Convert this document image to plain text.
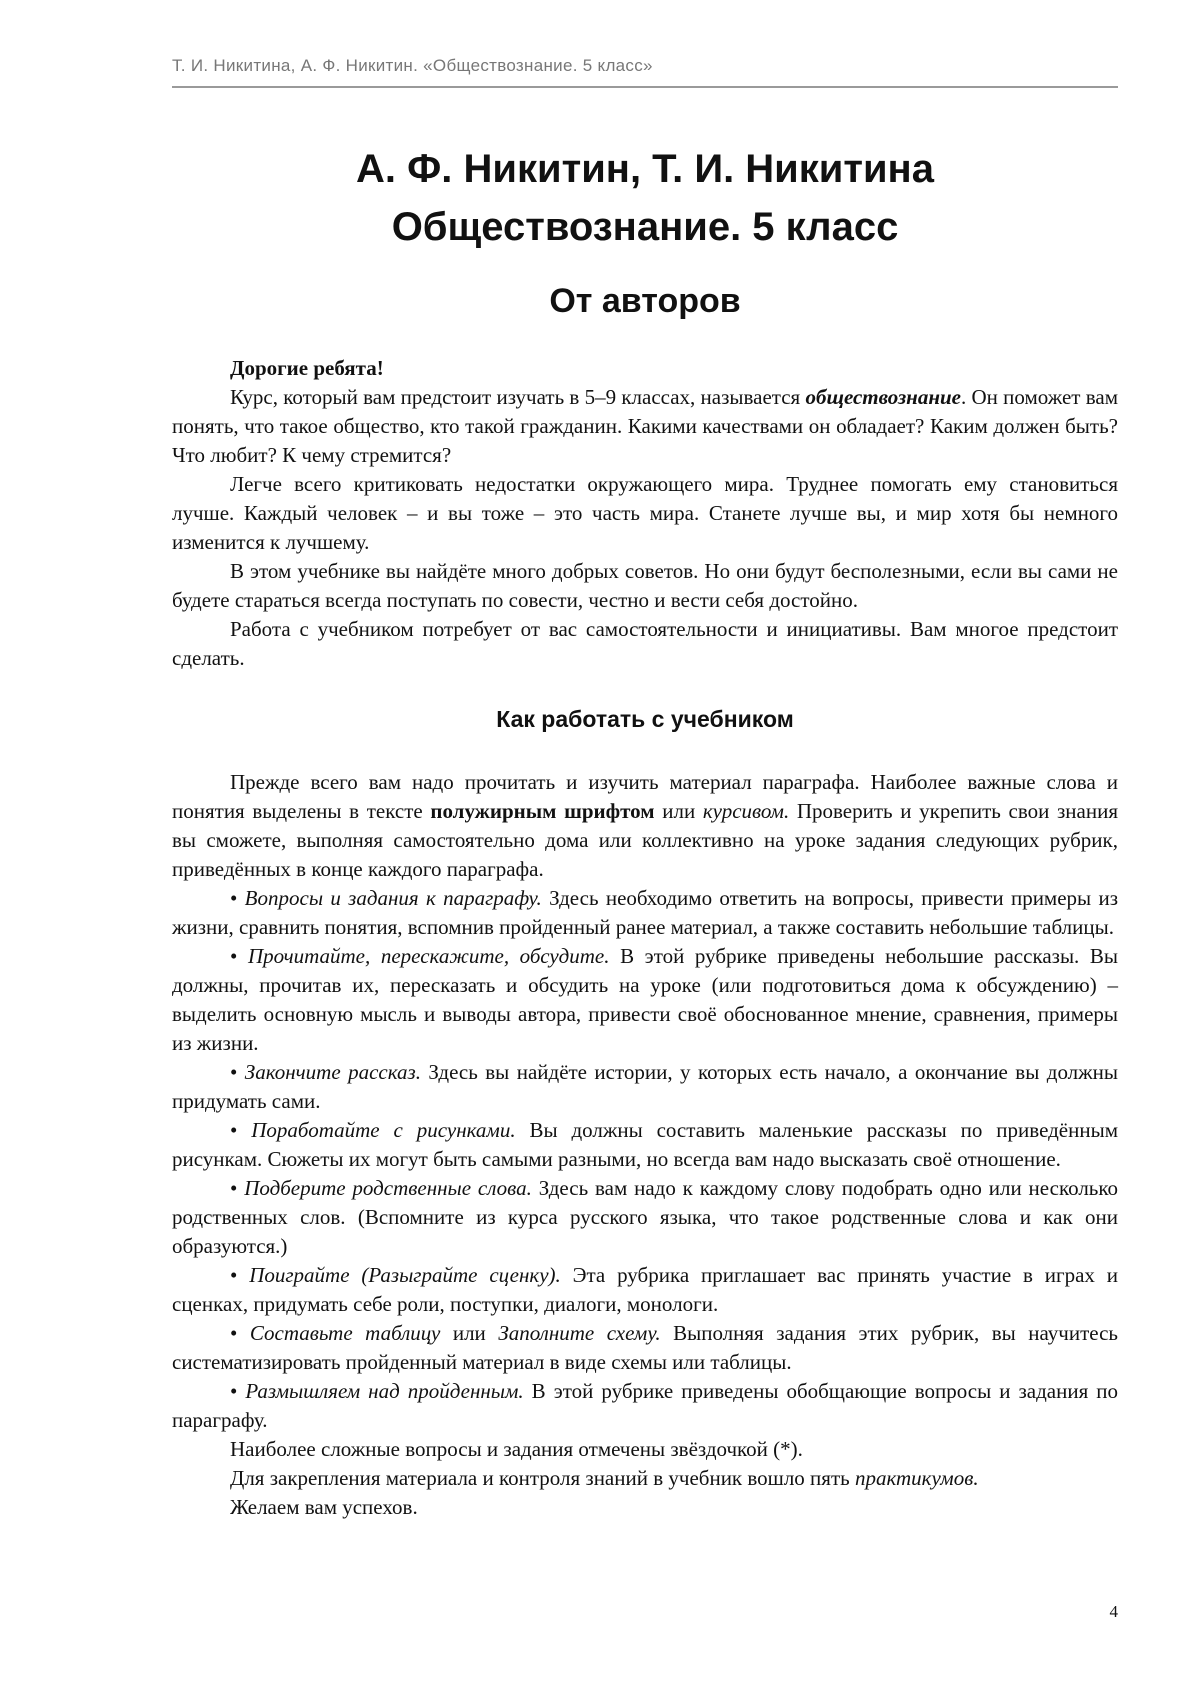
Т. И. Никитина, А. Ф. Никитин. «Обществознание. 5 класс»
А. Ф. Никитин, Т. И. Никитина
Обществознание. 5 класс
От авторов

Дорогие ребята!

Курс, который вам предстоит изучать в 5–9 классах, называется обществознание. Он поможет вам понять, что такое общество, кто такой гражданин. Какими качествами он обладает? Каким должен быть? Что любит? К чему стремится?

Легче всего критиковать недостатки окружающего мира. Труднее помогать ему становиться лучше. Каждый человек – и вы тоже – это часть мира. Станете лучше вы, и мир хотя бы немного изменится к лучшему.

В этом учебнике вы найдёте много добрых советов. Но они будут бесполезными, если вы сами не будете стараться всегда поступать по совести, честно и вести себя достойно.

Работа с учебником потребует от вас самостоятельности и инициативы. Вам многое предстоит сделать.

Как работать с учебником

Прежде всего вам надо прочитать и изучить материал параграфа. Наиболее важные слова и понятия выделены в тексте полужирным шрифтом или курсивом. Проверить и укрепить свои знания вы сможете, выполняя самостоятельно дома или коллективно на уроке задания следующих рубрик, приведённых в конце каждого параграфа.

• Вопросы и задания к параграфу. Здесь необходимо ответить на вопросы, привести примеры из жизни, сравнить понятия, вспомнив пройденный ранее материал, а также составить небольшие таблицы.

• Прочитайте, перескажите, обсудите. В этой рубрике приведены небольшие рассказы. Вы должны, прочитав их, пересказать и обсудить на уроке (или подготовиться дома к обсуждению) – выделить основную мысль и выводы автора, привести своё обоснованное мнение, сравнения, примеры из жизни.

• Закончите рассказ. Здесь вы найдёте истории, у которых есть начало, а окончание вы должны придумать сами.

• Поработайте с рисунками. Вы должны составить маленькие рассказы по приведённым рисункам. Сюжеты их могут быть самыми разными, но всегда вам надо высказать своё отношение.

• Подберите родственные слова. Здесь вам надо к каждому слову подобрать одно или несколько родственных слов. (Вспомните из курса русского языка, что такое родственные слова и как они образуются.)

• Поиграйте (Разыграйте сценку). Эта рубрика приглашает вас принять участие в играх и сценках, придумать себе роли, поступки, диалоги, монологи.

• Составьте таблицу или Заполните схему. Выполняя задания этих рубрик, вы научитесь систематизировать пройденный материал в виде схемы или таблицы.

• Размышляем над пройденным. В этой рубрике приведены обобщающие вопросы и задания по параграфу.

Наиболее сложные вопросы и задания отмечены звёздочкой (*).

Для закрепления материала и контроля знаний в учебник вошло пять практикумов.

Желаем вам успехов.

4
